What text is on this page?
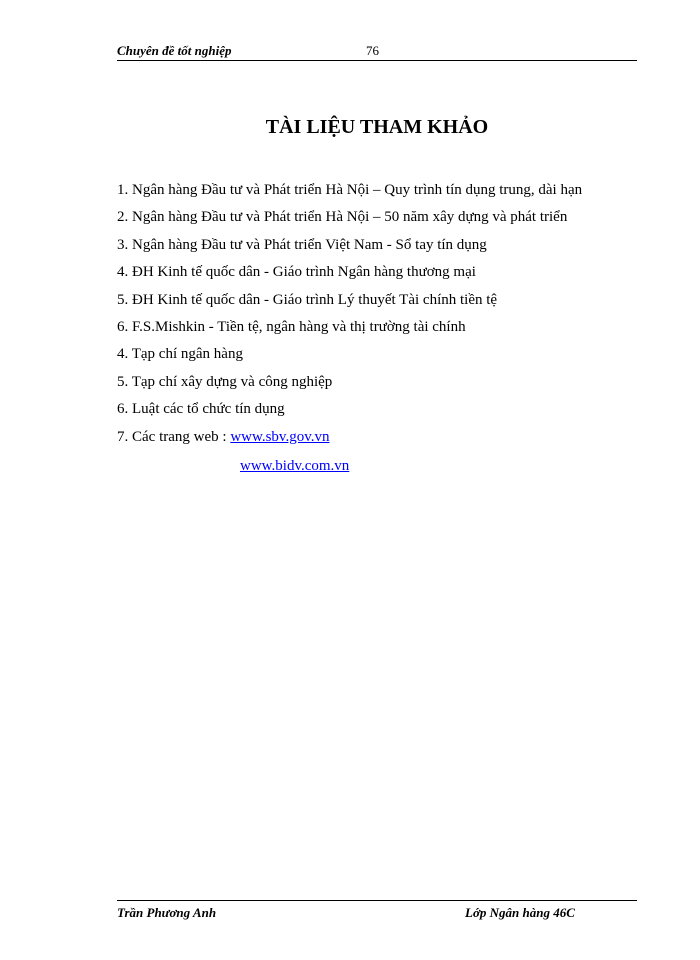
Chuyên đề tốt nghiệp	76
TÀI LIỆU THAM KHẢO
1. Ngân hàng Đầu tư và Phát triển Hà Nội – Quy trình tín dụng trung, dài hạn
2. Ngân hàng Đầu tư và Phát triển Hà Nội – 50 năm xây dựng và phát triển
3. Ngân hàng Đầu tư và Phát triển Việt Nam - Sổ tay tín dụng
4. ĐH Kinh tế quốc dân - Giáo trình Ngân hàng thương mại
5. ĐH Kinh tế quốc dân - Giáo trình Lý thuyết Tài chính tiền tệ
6. F.S.Mishkin - Tiền tệ, ngân hàng và thị trường tài chính
4. Tạp chí ngân hàng
5. Tạp chí xây dựng và công nghiệp
6. Luật các tổ chức tín dụng
7. Các trang web : www.sbv.gov.vn
www.bidv.com.vn
Trần Phương Anh	Lớp Ngân hàng 46C
